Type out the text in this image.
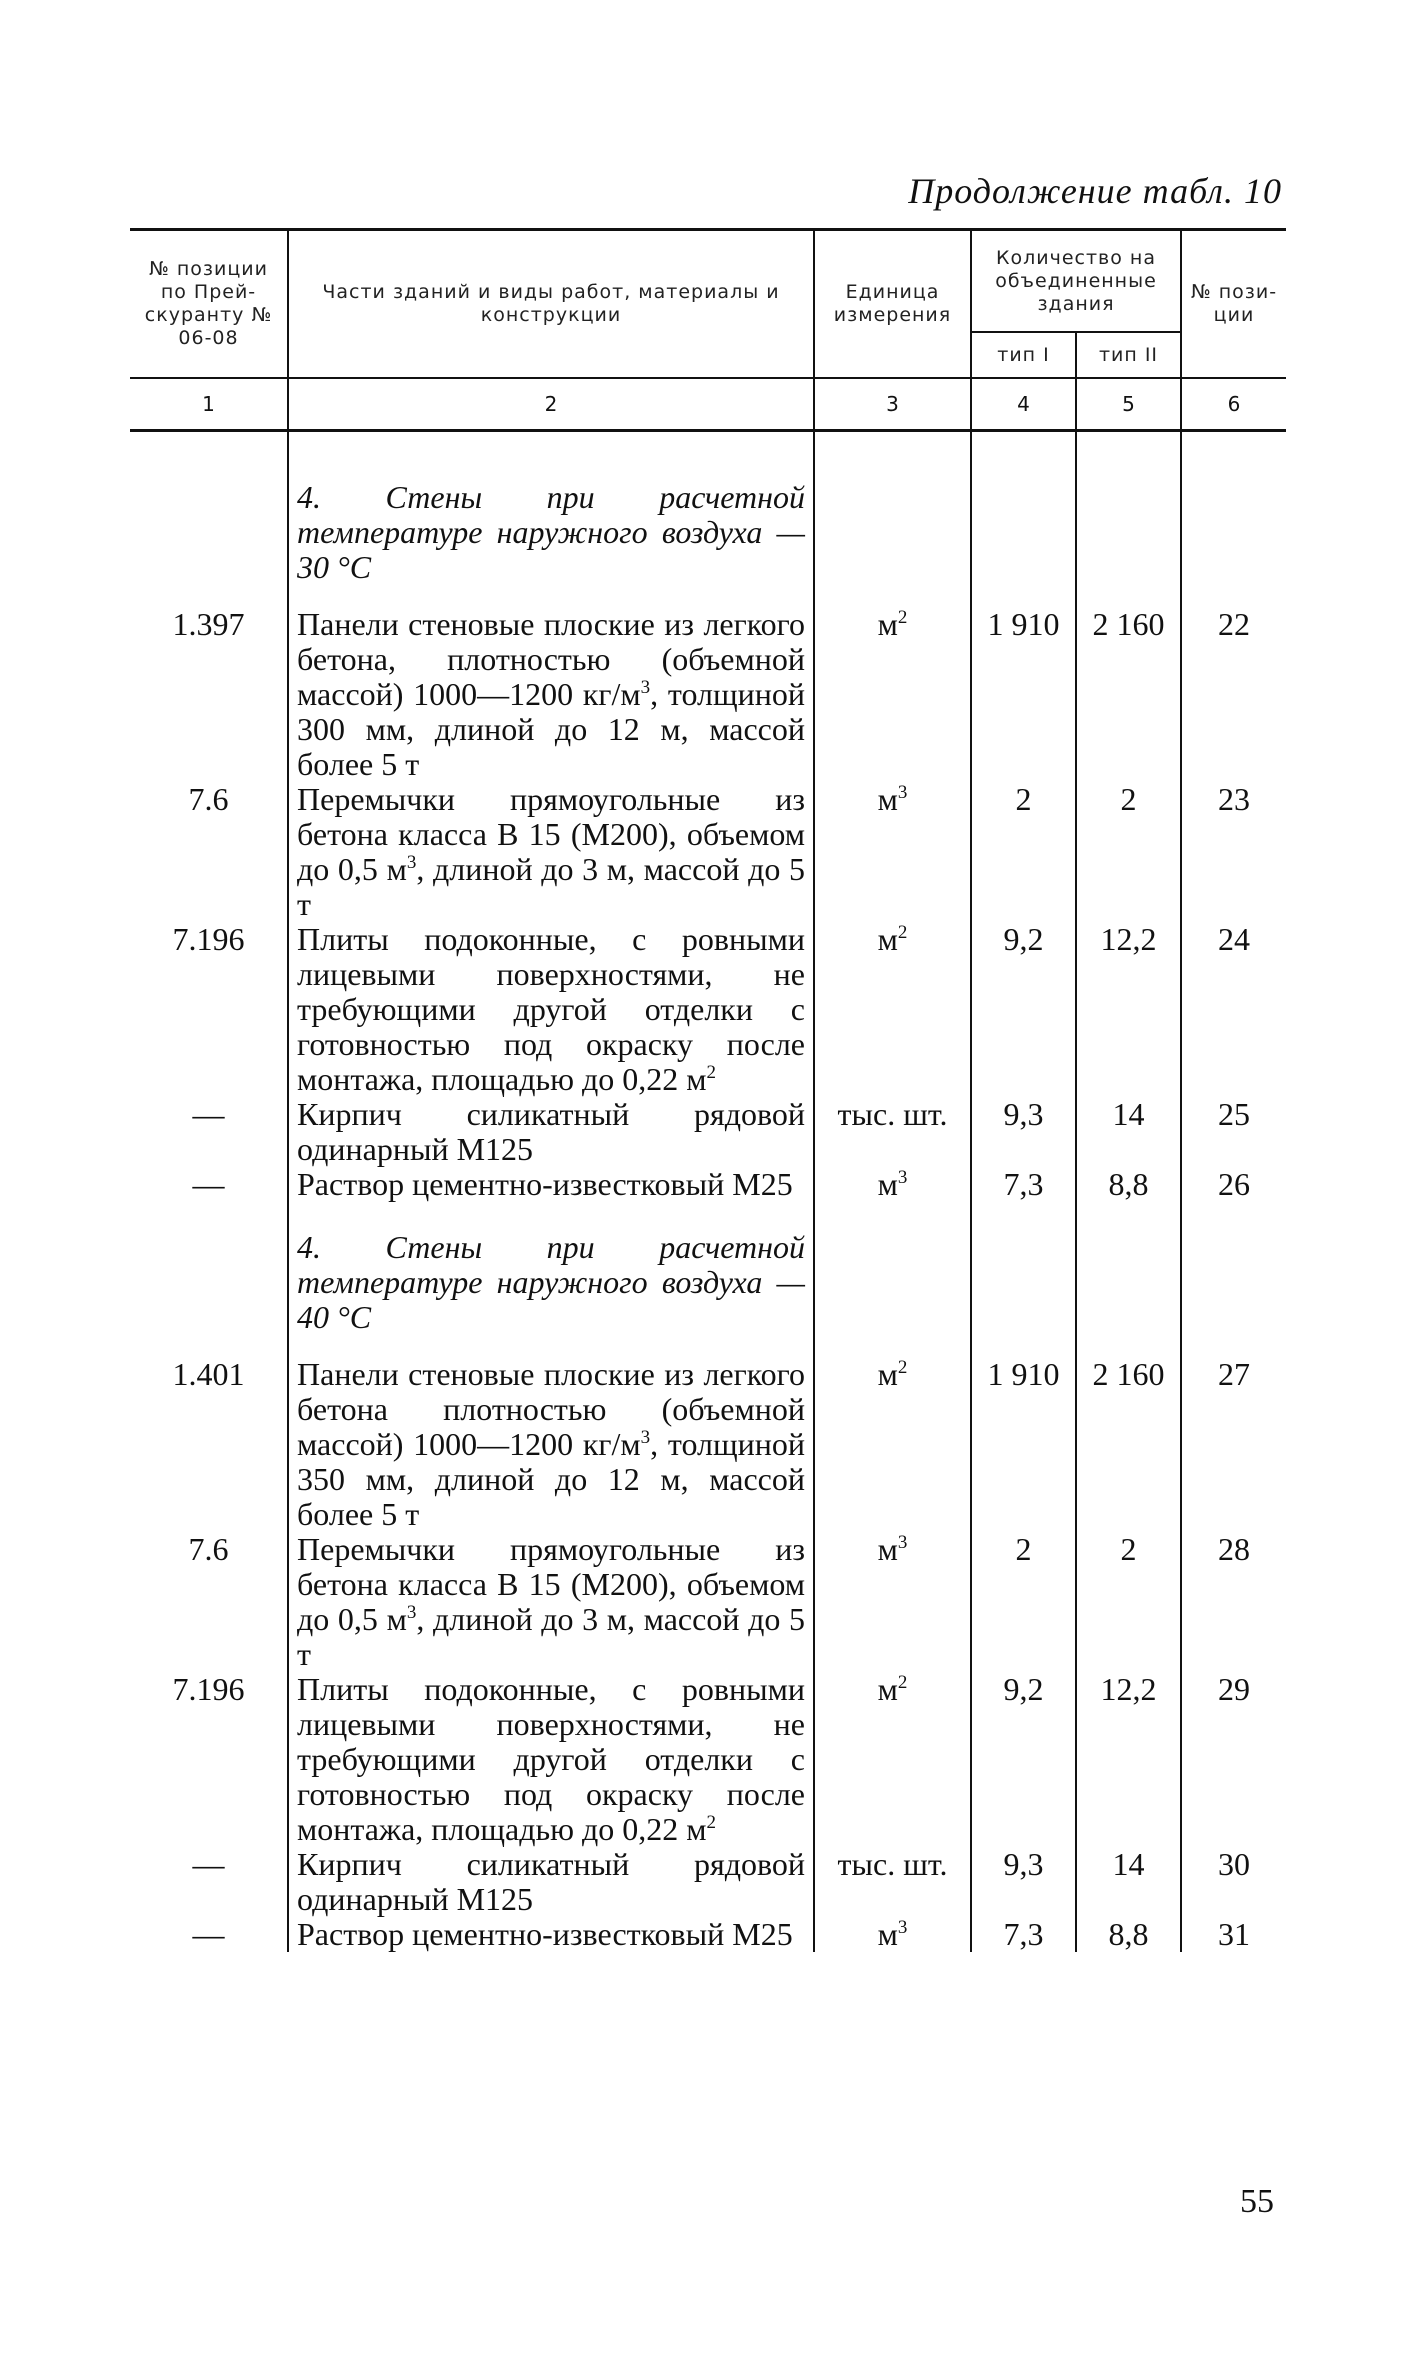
Продолжение табл. 10
№ позиции по Прей- скуранту № 06-08	Части зданий и виды работ, материалы и конструкции	Единица измерения	Количество на объединенные здания		№ пози- ции
			тип I	тип II	
1	2	3	4	5	6

	4. Стены при расчетной температуре наружного воздуха — 30 °С				
1.397	Панели стеновые плоские из легкого бетона, плотностью (объемной массой) 1000—1200 $кг/м^3$, толщиной 300 мм, длиной до 12 м, массой более 5 т	$м^2$	1 910	2 160	22
7.6	Перемычки прямоугольные из бетона класса В 15 (М200), объемом до 0,5 $м^3$, длиной до 3 м, массой до 5 т	$м^3$	2	2	23
7.196	Плиты подоконные, с ровными лицевыми поверхностями, не требующими другой отделки с готовностью под окраску после монтажа, площадью до 0,22 $м^2$	$м^2$	9,2	12,2	24
—	Кирпич силикатный рядовой одинарный М125	тыс. шт.	9,3	14	25
—	Раствор цементно-известковый М25	$м^3$	7,3	8,8	26
	4. Стены при расчетной температуре наружного воздуха —40 °С				
1.401	Панели стеновые плоские из легкого бетона плотностью (объемной массой) 1000—1200 $кг/м^3$, толщиной 350 мм, длиной до 12 м, массой более 5 т	$м^2$	1 910	2 160	27
7.6	Перемычки прямоугольные из бетона класса В 15 (М200), объемом до 0,5 $м^3$, длиной до 3 м, массой до 5 т	$м^3$	2	2	28
7.196	Плиты подоконные, с ровными лицевыми поверхностями, не требующими другой отделки с готовностью под окраску после монтажа, площадью до 0,22 $м^2$	$м^2$	9,2	12,2	29
—	Кирпич силикатный рядовой одинарный М125	тыс. шт.	9,3	14	30
—	Раствор цементно-известковый М25	$м^3$	7,3	8,8	31
55
